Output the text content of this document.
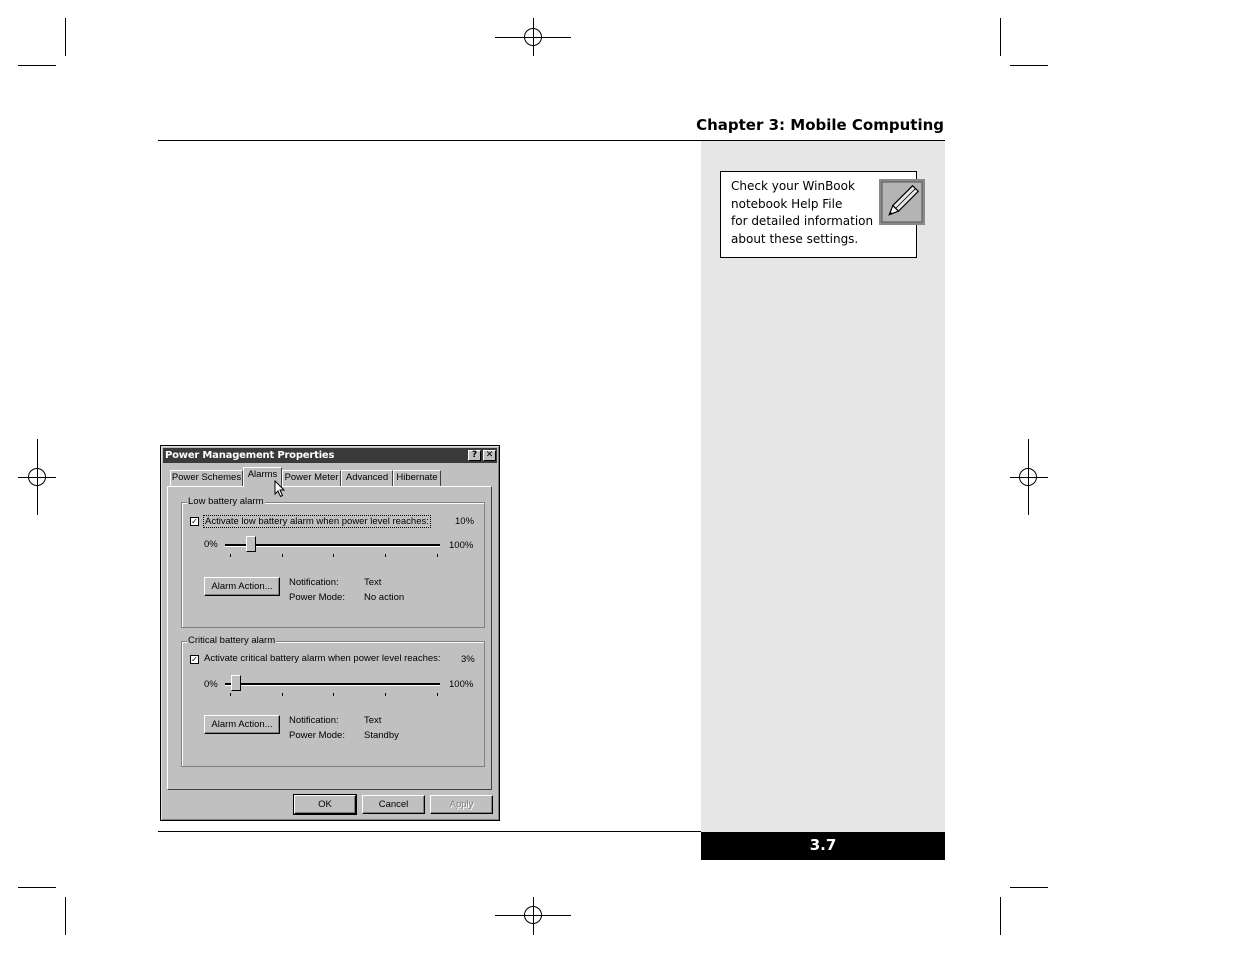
Chapter 3: Mobile Computing
Check your WinBook
notebook Help File
for detailed information
about these settings.
3.7
Power Management Properties	? ✕
Power Schemes Alarms Power Meter Advanced Hibernate
Low battery alarm
✓ Activate low battery alarm when power level reaches:	10%
0%	100%
Alarm Action...	Notification:	Text
Power Mode: No action
Critical battery alarm
✓ Activate critical battery alarm when power level reaches: 3%
0%	100%
Alarm Action...	Notification:	Text
Power Mode: Standby
OK	Cancel	Apply
